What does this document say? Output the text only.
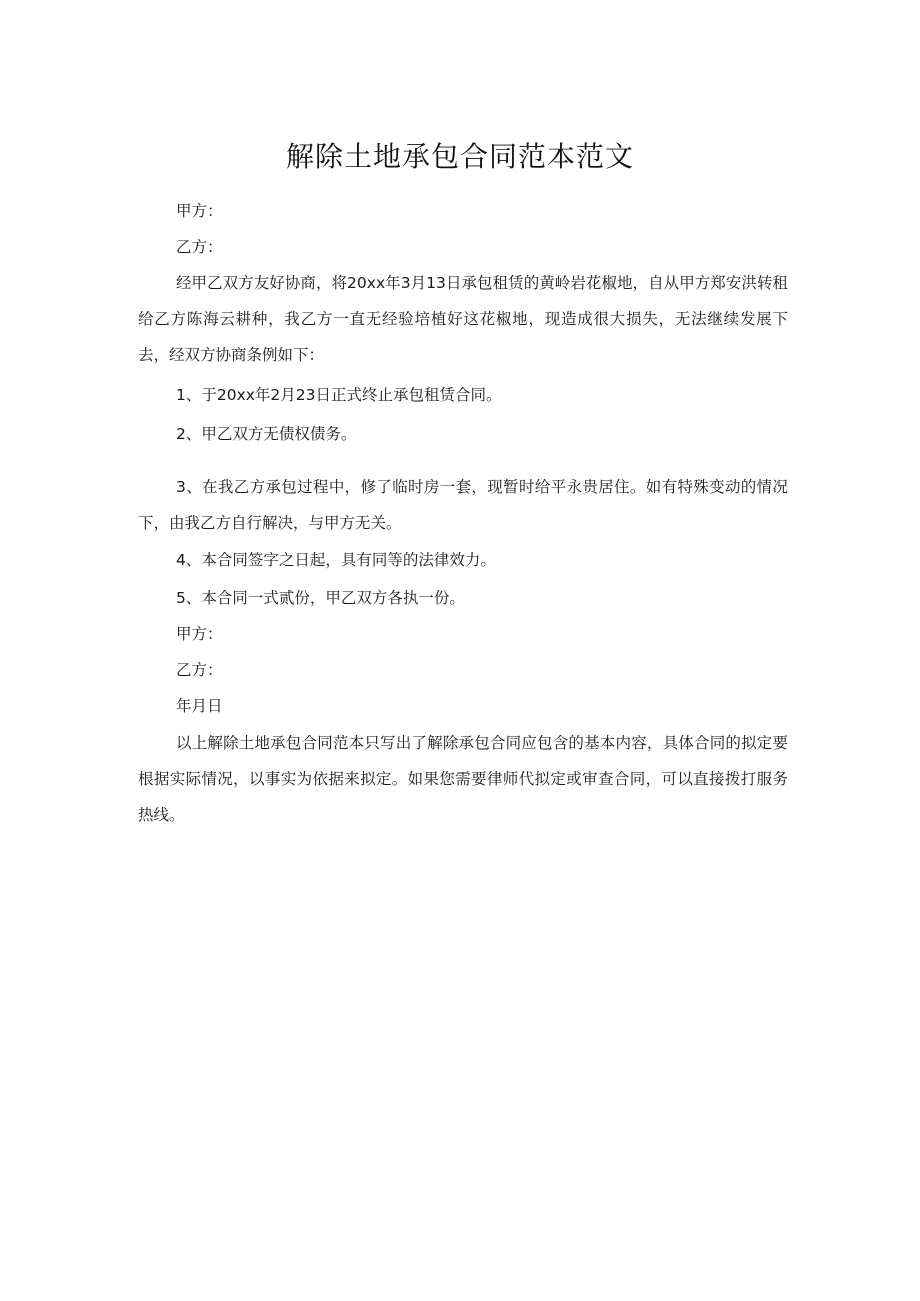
解除土地承包合同范本范文
甲方：
乙方：
经甲乙双方友好协商，将20xx年3月13日承包租赁的黄岭岩花椒地，自从甲方郑安洪转租给乙方陈海云耕种，我乙方一直无经验培植好这花椒地，现造成很大损失，无法继续发展下去，经双方协商条例如下：
1、于20xx年2月23日正式终止承包租赁合同。
2、甲乙双方无债权债务。
3、在我乙方承包过程中，修了临时房一套，现暂时给平永贵居住。如有特殊变动的情况下，由我乙方自行解决，与甲方无关。
4、本合同签字之日起，具有同等的法律效力。
5、本合同一式贰份，甲乙双方各执一份。
甲方：
乙方：
年月日
以上解除土地承包合同范本只写出了解除承包合同应包含的基本内容，具体合同的拟定要根据实际情况，以事实为依据来拟定。如果您需要律师代拟定或审查合同，可以直接拨打服务热线。
